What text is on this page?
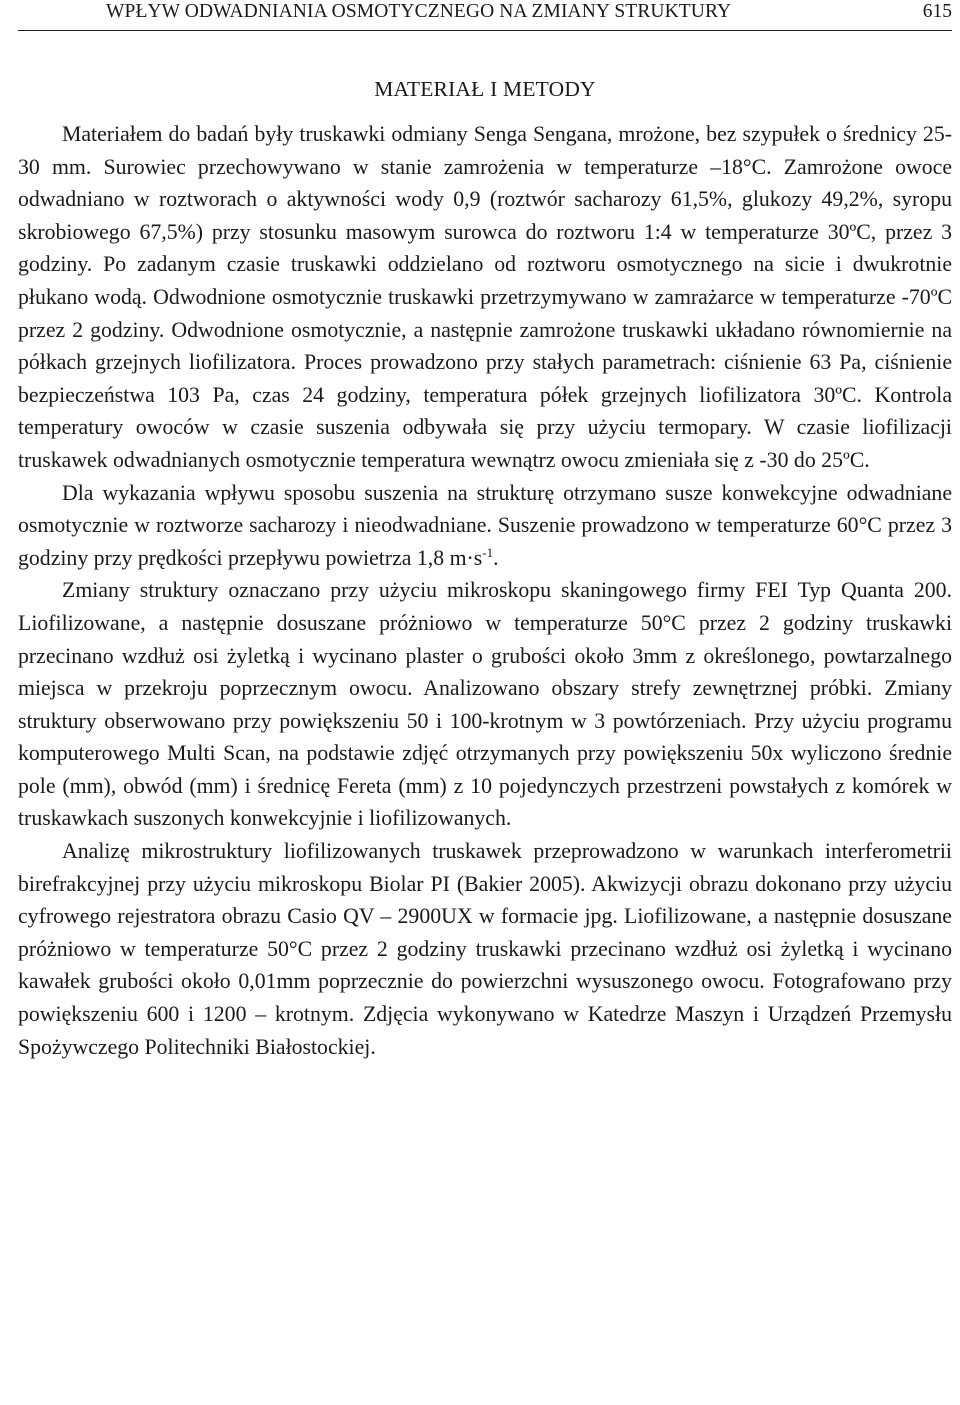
WPŁYW ODWADNIANIA OSMOTYCZNEGO NA ZMIANY STRUKTURY	615
MATERIAŁ I METODY

Materiałem do badań były truskawki odmiany Senga Sengana, mrożone, bez szypułek o średnicy 25-30 mm. Surowiec przechowywano w stanie zamrożenia w temperaturze –18°C. Zamrożone owoce odwadniano w roztworach o aktywności wody 0,9 (roztwór sacharozy 61,5%, glukozy 49,2%, syropu skrobiowego 67,5%) przy stosunku masowym surowca do roztworu 1:4 w temperaturze 30ºC, przez 3 godziny. Po zadanym czasie truskawki oddzielano od roztworu osmotycznego na sicie i dwukrotnie płukano wodą. Odwodnione osmotycznie truskawki przetrzymywano w zamrażarce w temperaturze -70ºC przez 2 godziny. Odwodnione osmotycznie, a następnie zamrożone truskawki układano równomiernie na półkach grzejnych liofilizatora. Proces prowadzono przy stałych parametrach: ciśnienie 63 Pa, ciśnienie bezpieczeństwa 103 Pa, czas 24 godziny, temperatura półek grzejnych liofilizatora 30ºC. Kontrola temperatury owoców w czasie suszenia odbywała się przy użyciu termopary. W czasie liofilizacji truskawek odwadnianych osmotycznie temperatura wewnątrz owocu zmieniała się z -30 do 25ºC.

Dla wykazania wpływu sposobu suszenia na strukturę otrzymano susze konwekcyjne odwadniane osmotycznie w roztworze sacharozy i nieodwadniane. Suszenie prowadzono w temperaturze 60°C przez 3 godziny przy prędkości przepływu powietrza 1,8 $m\cdot s^{-1}$.

Zmiany struktury oznaczano przy użyciu mikroskopu skaningowego firmy FEI Typ Quanta 200. Liofilizowane, a następnie dosuszane próżniowo w temperaturze 50°C przez 2 godziny truskawki przecinano wzdłuż osi żyletką i wycinano plaster o grubości około 3mm z określonego, powtarzalnego miejsca w przekroju poprzecznym owocu. Analizowano obszary strefy zewnętrznej próbki. Zmiany struktury obserwowano przy powiększeniu 50 i 100-krotnym w 3 powtórzeniach. Przy użyciu programu komputerowego Multi Scan, na podstawie zdjęć otrzymanych przy powiększeniu 50x wyliczono średnie pole (mm), obwód (mm) i średnicę Fereta (mm) z 10 pojedynczych przestrzeni powstałych z komórek w truskawkach suszonych konwekcyjnie i liofilizowanych.

Analizę mikrostruktury liofilizowanych truskawek przeprowadzono w warunkach interferometrii birefrakcyjnej przy użyciu mikroskopu Biolar PI (Bakier 2005). Akwizycji obrazu dokonano przy użyciu cyfrowego rejestratora obrazu Casio QV – 2900UX w formacie jpg. Liofilizowane, a następnie dosuszane próżniowo w temperaturze 50°C przez 2 godziny truskawki przecinano wzdłuż osi żyletką i wycinano kawałek grubości około 0,01mm poprzecznie do powierzchni wysuszonego owocu. Fotografowano przy powiększeniu 600 i 1200 – krotnym. Zdjęcia wykonywano w Katedrze Maszyn i Urządzeń Przemysłu Spożywczego Politechniki Białostockiej.
